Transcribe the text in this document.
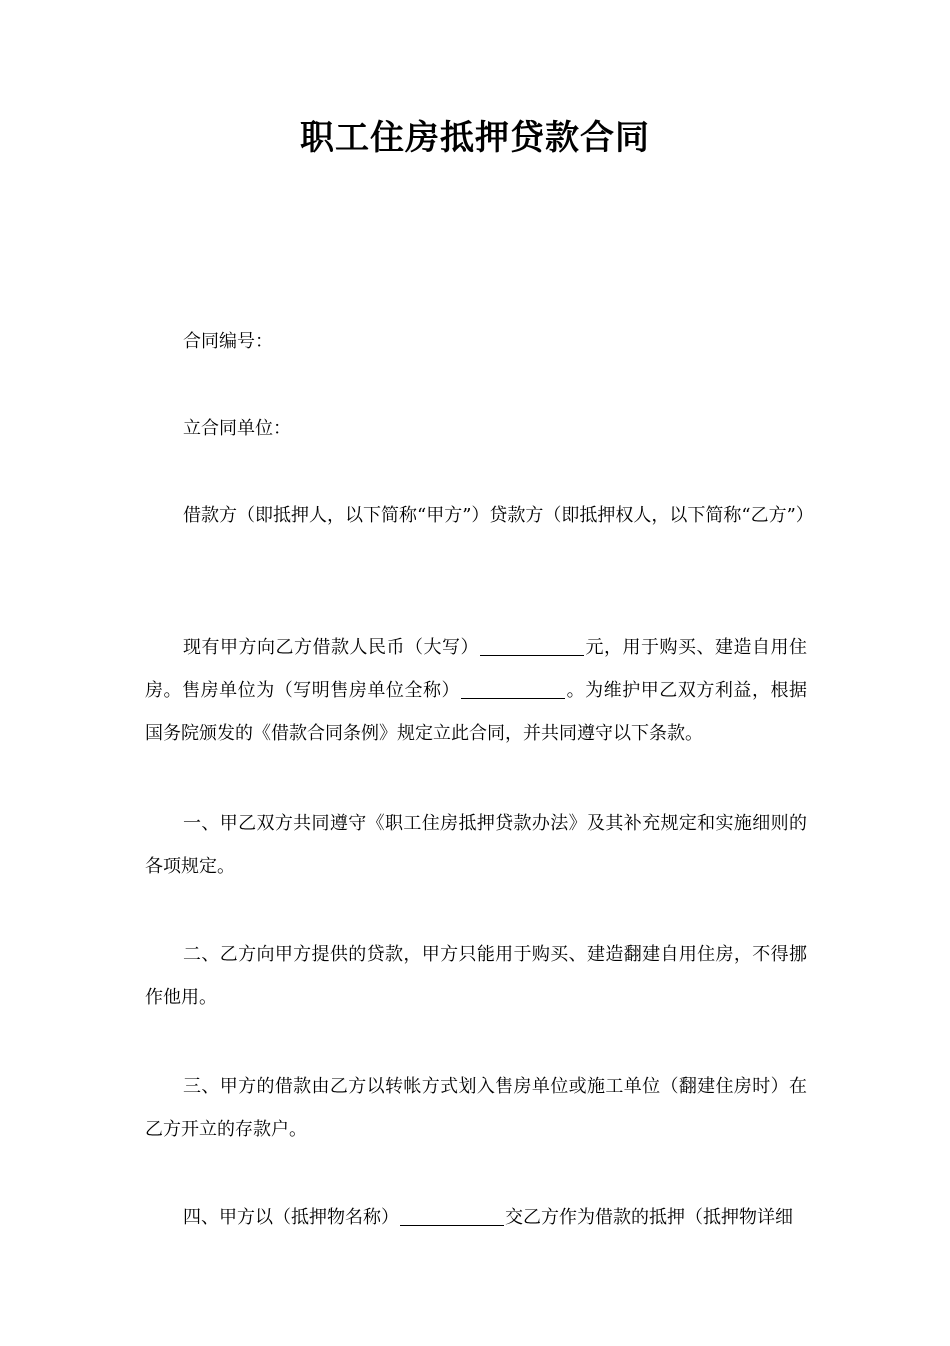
职工住房抵押贷款合同
合同编号：
立合同单位：
借款方（即抵押人，以下简称“甲方”）贷款方（即抵押权人，以下简称“乙方”）
现有甲方向乙方借款人民币（大写）	元，用于购买、建造自用住房。售房单位为（写明售房单位全称）	。为维护甲乙双方利益，根据国务院颁发的《借款合同条例》规定立此合同，并共同遵守以下条款。
一、甲乙双方共同遵守《职工住房抵押贷款办法》及其补充规定和实施细则的各项规定。
二、乙方向甲方提供的贷款，甲方只能用于购买、建造翻建自用住房，不得挪作他用。
三、甲方的借款由乙方以转帐方式划入售房单位或施工单位（翻建住房时）在乙方开立的存款户。
四、甲方以（抵押物名称）	交乙方作为借款的抵押（抵押物详细
